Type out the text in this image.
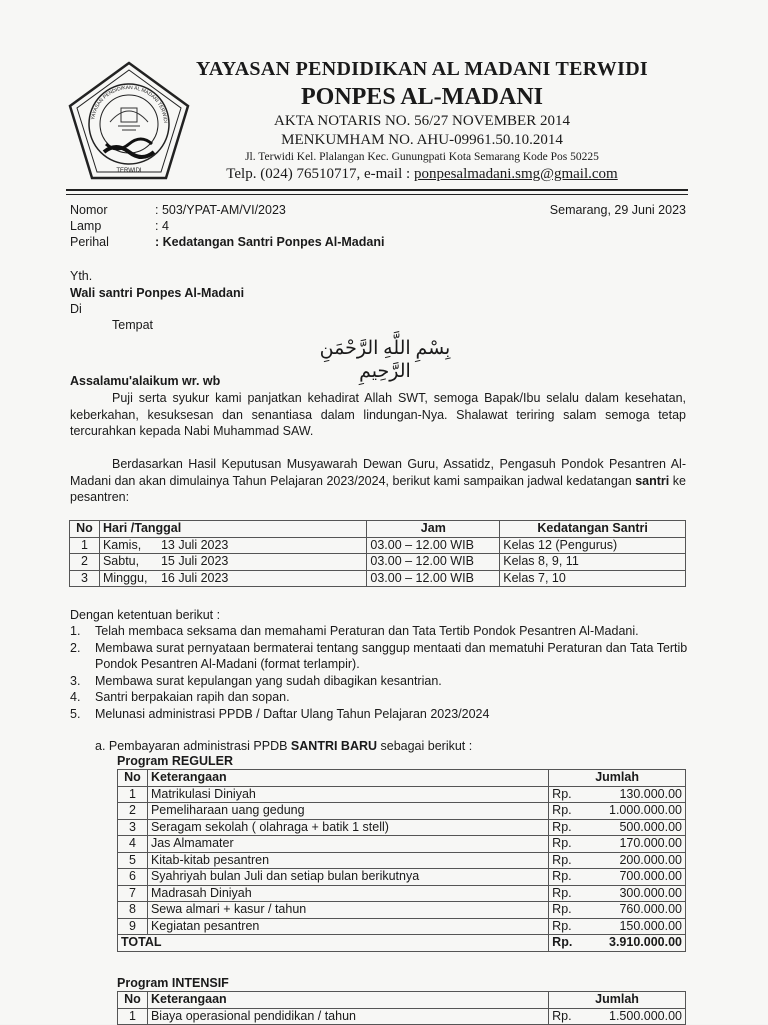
TERWIDI
YAYASAN PENDIDIKAN AL MADANI TERWIDI
YAYASAN PENDIDIKAN AL MADANI TERWIDI
PONPES AL-MADANI
AKTA NOTARIS NO. 56/27 NOVEMBER 2014
MENKUMHAM NO. AHU-09961.50.10.2014
Jl. Terwidi Kel. Plalangan Kec. Gunungpati Kota Semarang Kode Pos 50225
Telp. (024) 76510717, e-mail : ponpesalmadani.smg@gmail.com
Nomor	: 503/YPAT-AM/VI/2023	Semarang, 29 Juni 2023
Lamp	: 4
Perihal	: Kedatangan Santri Ponpes Al-Madani
Yth.
Wali santri Ponpes Al-Madani
Di
Tempat
بِسْمِ اللَّهِ الرَّحْمَنِ الرَّحِيمِ
Assalamu'alaikum wr. wb
Puji serta syukur kami panjatkan kehadirat Allah SWT, semoga Bapak/Ibu selalu dalam kesehatan, keberkahan, kesuksesan dan senantiasa dalam lindungan-Nya. Shalawat teriring salam semoga tetap tercurahkan kepada Nabi Muhammad SAW.
Berdasarkan Hasil Keputusan Musyawarah Dewan Guru, Assatidz, Pengasuh Pondok Pesantren Al-Madani dan akan dimulainya Tahun Pelajaran 2023/2024, berikut kami sampaikan jadwal kedatangan santri ke pesantren:
No	Hari /Tanggal	Jam	Kedatangan Santri
1	Kamis, 13 Juli 2023	03.00 – 12.00 WIB	Kelas 12 (Pengurus)
2	Sabtu, 15 Juli 2023	03.00 – 12.00 WIB	Kelas 8, 9, 11
3	Minggu, 16 Juli 2023	03.00 – 12.00 WIB	Kelas 7, 10
Dengan ketentuan berikut :
1. Telah membaca seksama dan memahami Peraturan dan Tata Tertib Pondok Pesantren Al-Madani.
2. Membawa surat pernyataan bermaterai tentang sanggup mentaati dan mematuhi Peraturan dan Tata Tertib Pondok Pesantren Al-Madani (format terlampir).
3. Membawa surat kepulangan yang sudah dibagikan kesantrian.
4. Santri berpakaian rapih dan sopan.
5. Melunasi administrasi PPDB / Daftar Ulang Tahun Pelajaran 2023/2024
a. Pembayaran administrasi PPDB SANTRI BARU sebagai berikut :
Program REGULER
No	Keterangaan	Jumlah	
1	Matrikulasi Diniyah	Rp.	130.000.00
2	Pemeliharaan uang gedung	Rp.	1.000.000.00
3	Seragam sekolah ( olahraga + batik 1 stell)	Rp.	500.000.00
4	Jas Almamater	Rp.	170.000.00
5	Kitab-kitab pesantren	Rp.	200.000.00
6	Syahriyah bulan Juli dan setiap bulan berikutnya	Rp.	700.000.00
7	Madrasah Diniyah	Rp.	300.000.00
8	Sewa almari + kasur / tahun	Rp.	760.000.00
9	Kegiatan pesantren	Rp.	150.000.00
TOTAL		Rp.	3.910.000.00
Program INTENSIF
No	Keterangaan	Jumlah	
1	Biaya operasional pendidikan / tahun	Rp.	1.500.000.00
